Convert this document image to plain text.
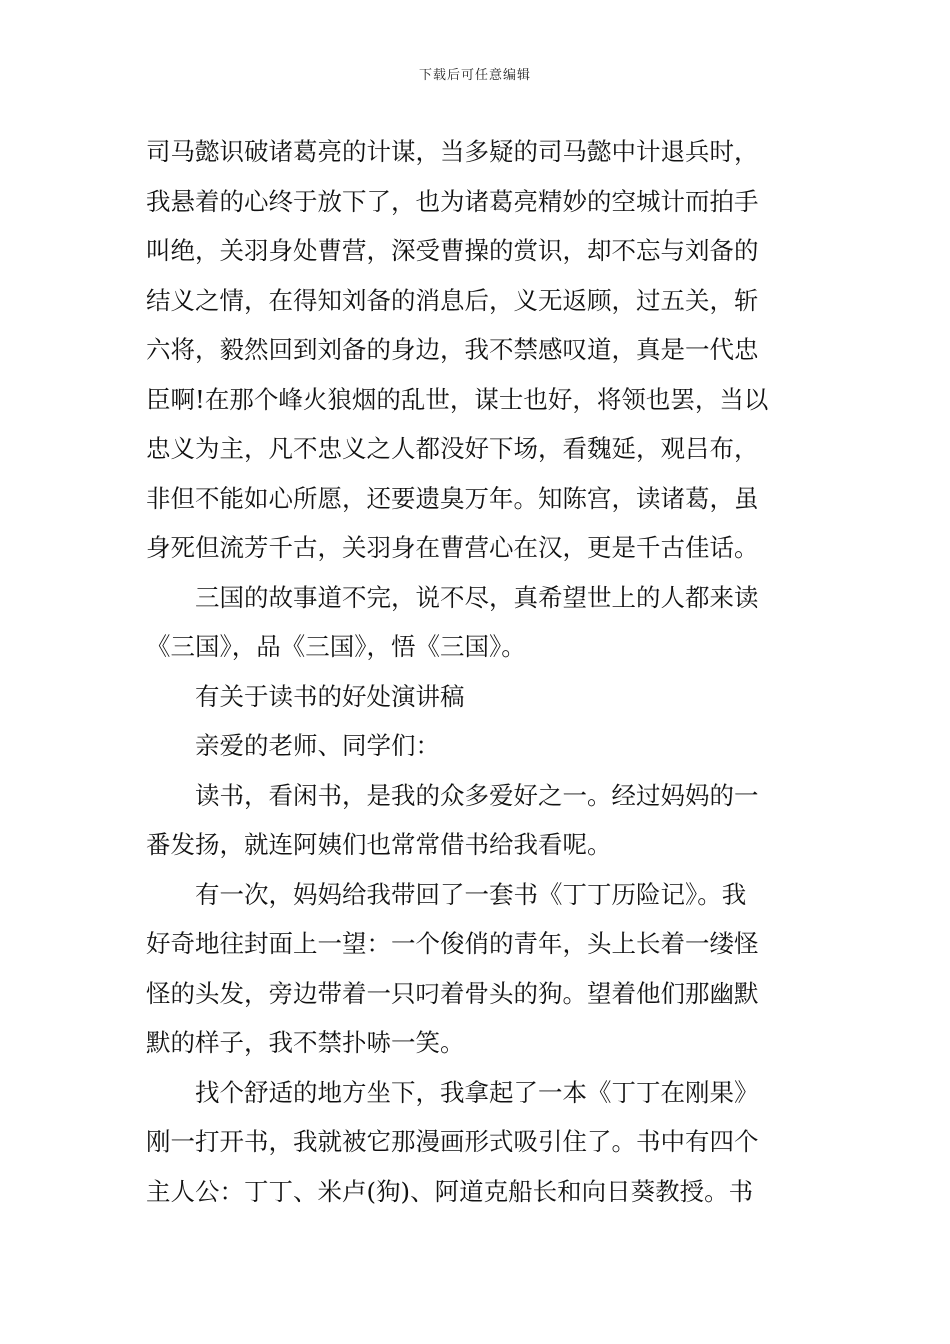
下载后可任意编辑
司马懿识破诸葛亮的计谋，当多疑的司马懿中计退兵时，
我悬着的心终于放下了，也为诸葛亮精妙的空城计而拍手
叫绝，关羽身处曹营，深受曹操的赏识，却不忘与刘备的
结义之情，在得知刘备的消息后，义无返顾，过五关，斩
六将，毅然回到刘备的身边，我不禁感叹道，真是一代忠
臣啊!在那个峰火狼烟的乱世，谋士也好，将领也罢，当以
忠义为主，凡不忠义之人都没好下场，看魏延，观吕布，
非但不能如心所愿，还要遗臭万年。知陈宫，读诸葛，虽
身死但流芳千古，关羽身在曹营心在汉，更是千古佳话。
三国的故事道不完，说不尽，真希望世上的人都来读
《三国》，品《三国》，悟《三国》。
有关于读书的好处演讲稿
亲爱的老师、同学们：
读书，看闲书，是我的众多爱好之一。经过妈妈的一
番发扬，就连阿姨们也常常借书给我看呢。
有一次，妈妈给我带回了一套书《丁丁历险记》。我
好奇地往封面上一望：一个俊俏的青年，头上长着一缕怪
怪的头发，旁边带着一只叼着骨头的狗。望着他们那幽默
默的样子，我不禁扑哧一笑。
找个舒适的地方坐下，我拿起了一本《丁丁在刚果》
刚一打开书，我就被它那漫画形式吸引住了。书中有四个
主人公：丁丁、米卢(狗)、阿道克船长和向日葵教授。书
